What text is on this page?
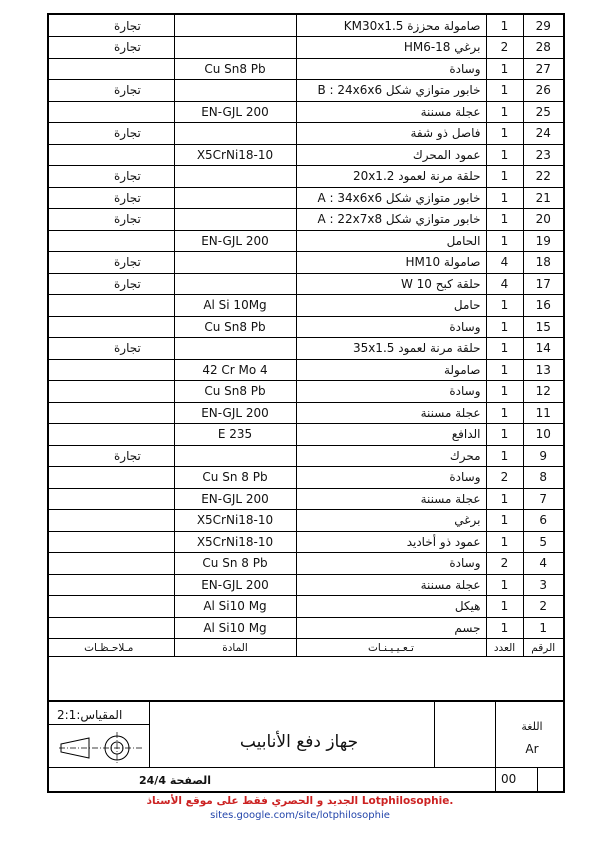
تجارة		صامولة محززة KM30x1.5	1	29
تجارة		برغي HM6-18	2	28
	Cu Sn8 Pb	وسادة	1	27
تجارة		خابور متوازي شكل B : 24x6x6	1	26
	EN-GJL 200	عجلة مسننة	1	25
تجارة		فاصل ذو شفة	1	24
	X5CrNi18-10	عمود المحرك	1	23
تجارة		حلقة مرنة لعمود 20x1.2	1	22
تجارة		خابور متوازي شكل A : 34x6x6	1	21
تجارة		خابور متوازي شكل A : 22x7x8	1	20
	EN-GJL 200	الحامل	1	19
تجارة		صامولة HM10	4	18
تجارة		حلقة كبح W 10	4	17
	Al Si 10Mg	حامل	1	16
	Cu Sn8 Pb	وسادة	1	15
تجارة		حلقة مرنة لعمود 35x1.5	1	14
	42 Cr Mo 4	صامولة	1	13
	Cu Sn8 Pb	وسادة	1	12
	EN-GJL 200	عجلة مسننة	1	11
	E 235	الدافع	1	10
تجارة		محرك	1	9
	Cu Sn 8 Pb	وسادة	2	8
	EN-GJL 200	عجلة مسننة	1	7
	X5CrNi18-10	برغي	1	6
	X5CrNi18-10	عمود ذو أخاديد	1	5
	Cu Sn 8 Pb	وسادة	2	4
	EN-GJL 200	عجلة مسننة	1	3
	Al Si10 Mg	هيكل	1	2
	Al Si10 Mg	جسم	1	1
مـلاحـظـات	المادة	تـعـيـيـنـات	العدد	الرقم
المقياس:2:1
جهاز دفع الأنابيب
الصفحة 24/4
اللغة
Ar
00
الجديد و الحصري فقط على موقع الأستاذ Lotphilosophie.
sites.google.com/site/lotphilosophie
